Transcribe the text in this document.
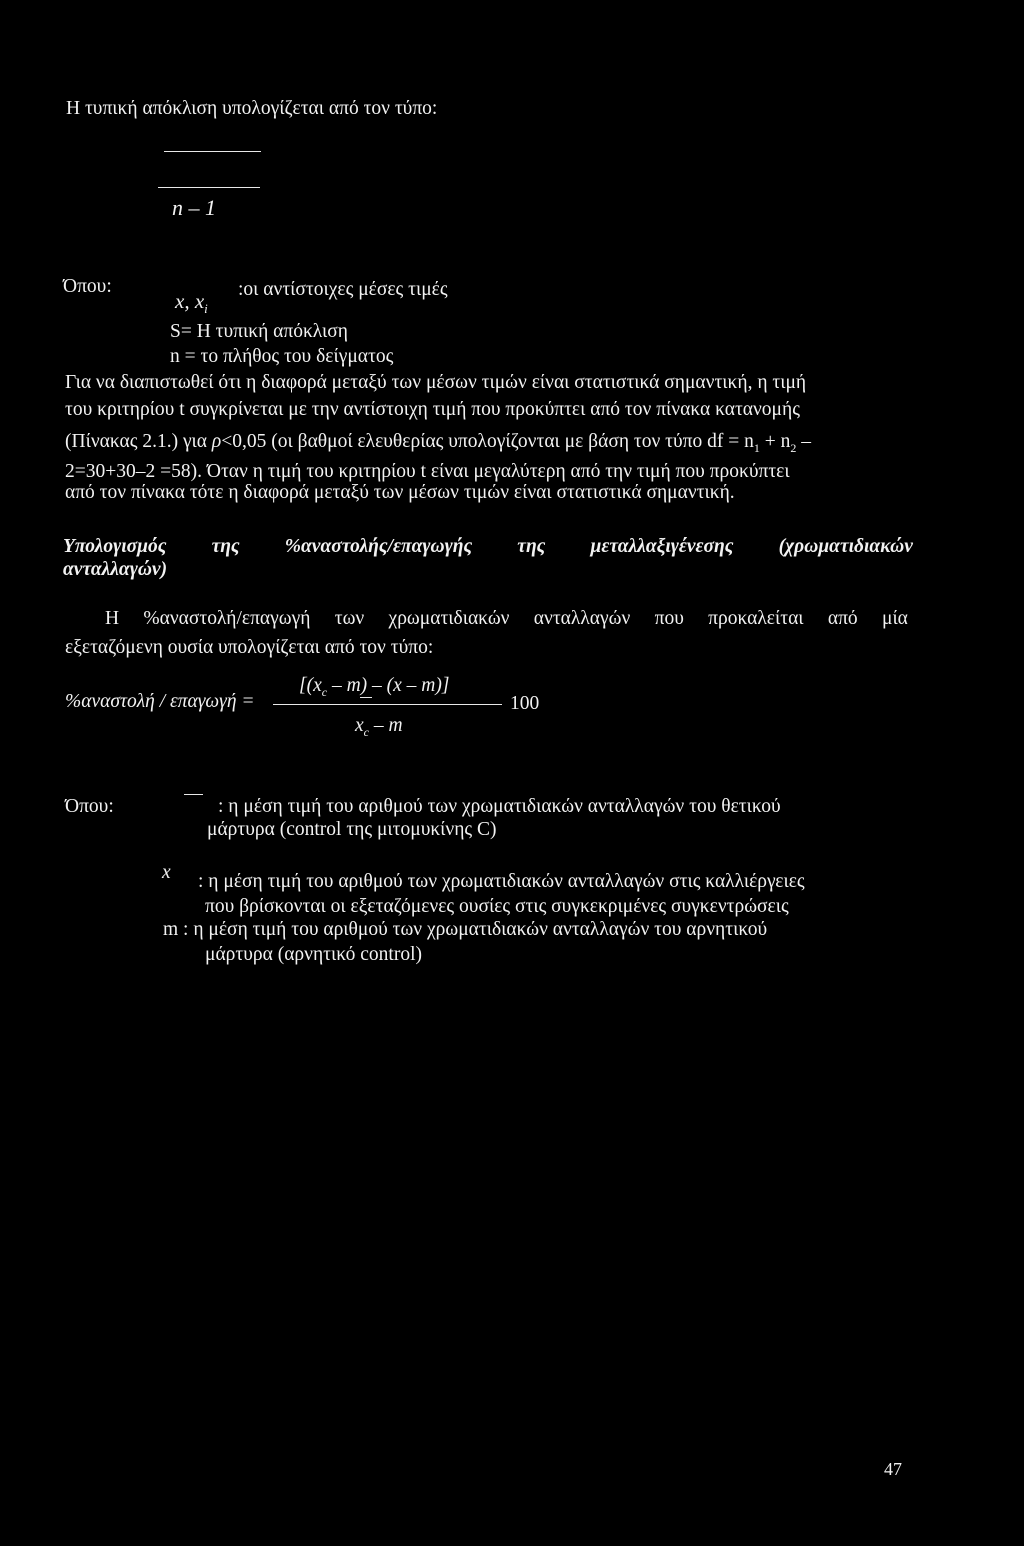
Η τυπική απόκλιση υπολογίζεται από τον τύπο:
n – 1
Όπου:
x, $x_i$
:οι αντίστοιχες μέσες τιμές
S= Η τυπική απόκλιση
n = το πλήθος του δείγματος
Για να διαπιστωθεί ότι η διαφορά μεταξύ των μέσων τιμών είναι στατιστικά σημαντική, η τιμή
του κριτηρίου t συγκρίνεται με την αντίστοιχη τιμή που προκύπτει από τον πίνακα κατανομής
(Πίνακας 2.1.) για ρ<0,05 (οι βαθμοί ελευθερίας υπολογίζονται με βάση τον τύπο df = $n_1 + n_2$ –
2=30+30–2 =58). Όταν η τιμή του κριτηρίου t είναι μεγαλύτερη από την τιμή που προκύπτει
από τον πίνακα τότε η διαφορά μεταξύ των μέσων τιμών είναι στατιστικά σημαντική.
Υπολογισμός της %αναστολής/επαγωγής της μεταλλαξιγένεσης (χρωματιδιακών
ανταλλαγών)
Η %αναστολή/επαγωγή των χρωματιδιακών ανταλλαγών που προκαλείται από μία
εξεταζόμενη ουσία υπολογίζεται από τον τύπο:
%αναστολή / επαγωγή =
$[(x_c - m) - (x - m)]$
100
$x_c$ – m
Όπου:	: η μέση τιμή του αριθμού των χρωματιδιακών ανταλλαγών του θετικού
μάρτυρα (control της μιτομυκίνης C)
x : η μέση τιμή του αριθμού των χρωματιδιακών ανταλλαγών στις καλλιέργειες
που βρίσκονται οι εξεταζόμενες ουσίες στις συγκεκριμένες συγκεντρώσεις
m : η μέση τιμή του αριθμού των χρωματιδιακών ανταλλαγών του αρνητικού
μάρτυρα (αρνητικό control)
47
